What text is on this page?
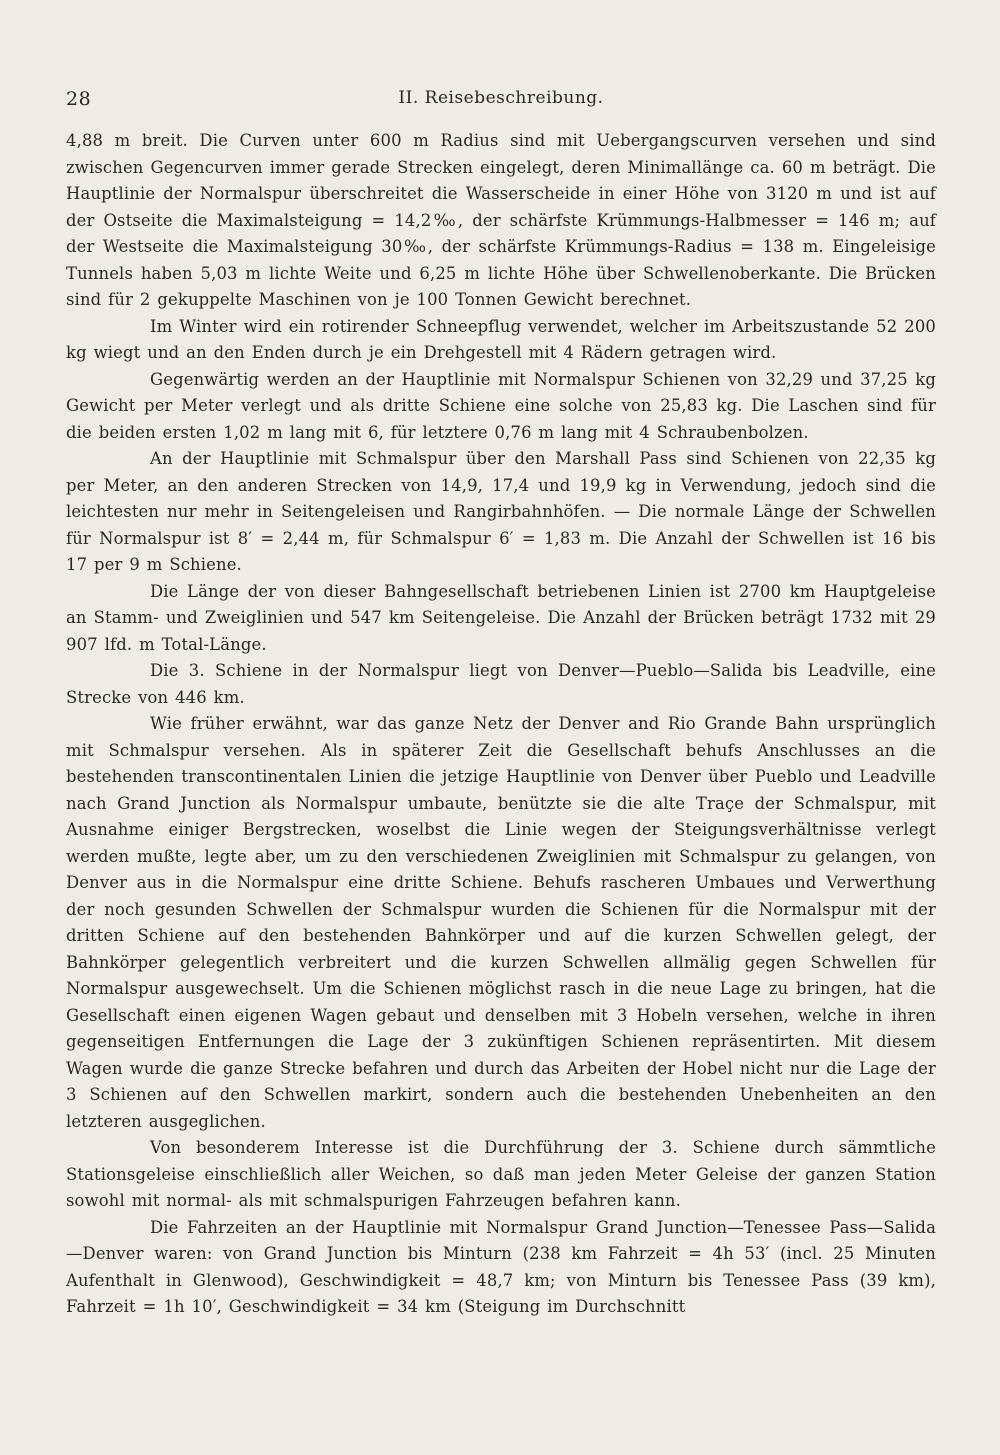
28	II. Reisebeschreibung.

4,88 m breit. Die Curven unter 600 m Radius sind mit Uebergangscurven versehen und sind zwischen Gegencurven immer gerade Strecken eingelegt, deren Minimallänge ca. 60 m beträgt. Die Hauptlinie der Normalspur überschreitet die Wasserscheide in einer Höhe von 3120 m und ist auf der Ostseite die Maximalsteigung = 14,2‰, der schärfste Krümmungs-Halbmesser = 146 m; auf der Westseite die Maximalsteigung 30‰, der schärfste Krümmungs-Radius = 138 m. Eingeleisige Tunnels haben 5,03 m lichte Weite und 6,25 m lichte Höhe über Schwellenoberkante. Die Brücken sind für 2 gekuppelte Maschinen von je 100 Tonnen Gewicht berechnet.

Im Winter wird ein rotirender Schneepflug verwendet, welcher im Arbeitszustande 52 200 kg wiegt und an den Enden durch je ein Drehgestell mit 4 Rädern getragen wird.

Gegenwärtig werden an der Hauptlinie mit Normalspur Schienen von 32,29 und 37,25 kg Gewicht per Meter verlegt und als dritte Schiene eine solche von 25,83 kg. Die Laschen sind für die beiden ersten 1,02 m lang mit 6, für letztere 0,76 m lang mit 4 Schraubenbolzen.

An der Hauptlinie mit Schmalspur über den Marshall Pass sind Schienen von 22,35 kg per Meter, an den anderen Strecken von 14,9, 17,4 und 19,9 kg in Verwendung, jedoch sind die leichtesten nur mehr in Seitengeleisen und Rangirbahnhöfen. — Die normale Länge der Schwellen für Normalspur ist 8′ = 2,44 m, für Schmalspur 6′ = 1,83 m. Die Anzahl der Schwellen ist 16 bis 17 per 9 m Schiene.

Die Länge der von dieser Bahngesellschaft betriebenen Linien ist 2700 km Hauptgeleise an Stamm- und Zweiglinien und 547 km Seitengeleise. Die Anzahl der Brücken beträgt 1732 mit 29 907 lfd. m Total-Länge.

Die 3. Schiene in der Normalspur liegt von Denver—Pueblo—Salida bis Leadville, eine Strecke von 446 km.

Wie früher erwähnt, war das ganze Netz der Denver and Rio Grande Bahn ursprünglich mit Schmalspur versehen. Als in späterer Zeit die Gesellschaft behufs Anschlusses an die bestehenden transcontinentalen Linien die jetzige Hauptlinie von Denver über Pueblo und Leadville nach Grand Junction als Normalspur umbaute, benützte sie die alte Traçe der Schmalspur, mit Ausnahme einiger Bergstrecken, woselbst die Linie wegen der Steigungsverhältnisse verlegt werden mußte, legte aber, um zu den verschiedenen Zweiglinien mit Schmalspur zu gelangen, von Denver aus in die Normalspur eine dritte Schiene. Behufs rascheren Umbaues und Verwerthung der noch gesunden Schwellen der Schmalspur wurden die Schienen für die Normalspur mit der dritten Schiene auf den bestehenden Bahnkörper und auf die kurzen Schwellen gelegt, der Bahnkörper gelegentlich verbreitert und die kurzen Schwellen allmälig gegen Schwellen für Normalspur ausgewechselt. Um die Schienen möglichst rasch in die neue Lage zu bringen, hat die Gesellschaft einen eigenen Wagen gebaut und denselben mit 3 Hobeln versehen, welche in ihren gegenseitigen Entfernungen die Lage der 3 zukünftigen Schienen repräsentirten. Mit diesem Wagen wurde die ganze Strecke befahren und durch das Arbeiten der Hobel nicht nur die Lage der 3 Schienen auf den Schwellen markirt, sondern auch die bestehenden Unebenheiten an den letzteren ausgeglichen.

Von besonderem Interesse ist die Durchführung der 3. Schiene durch sämmtliche Stationsgeleise einschließlich aller Weichen, so daß man jeden Meter Geleise der ganzen Station sowohl mit normal- als mit schmalspurigen Fahrzeugen befahren kann.

Die Fahrzeiten an der Hauptlinie mit Normalspur Grand Junction—Tenessee Pass—Salida—Denver waren: von Grand Junction bis Minturn (238 km Fahrzeit = 4h 53′ (incl. 25 Minuten Aufenthalt in Glenwood), Geschwindigkeit = 48,7 km; von Minturn bis Tenessee Pass (39 km), Fahrzeit = 1h 10′, Geschwindigkeit = 34 km (Steigung im Durchschnitt
